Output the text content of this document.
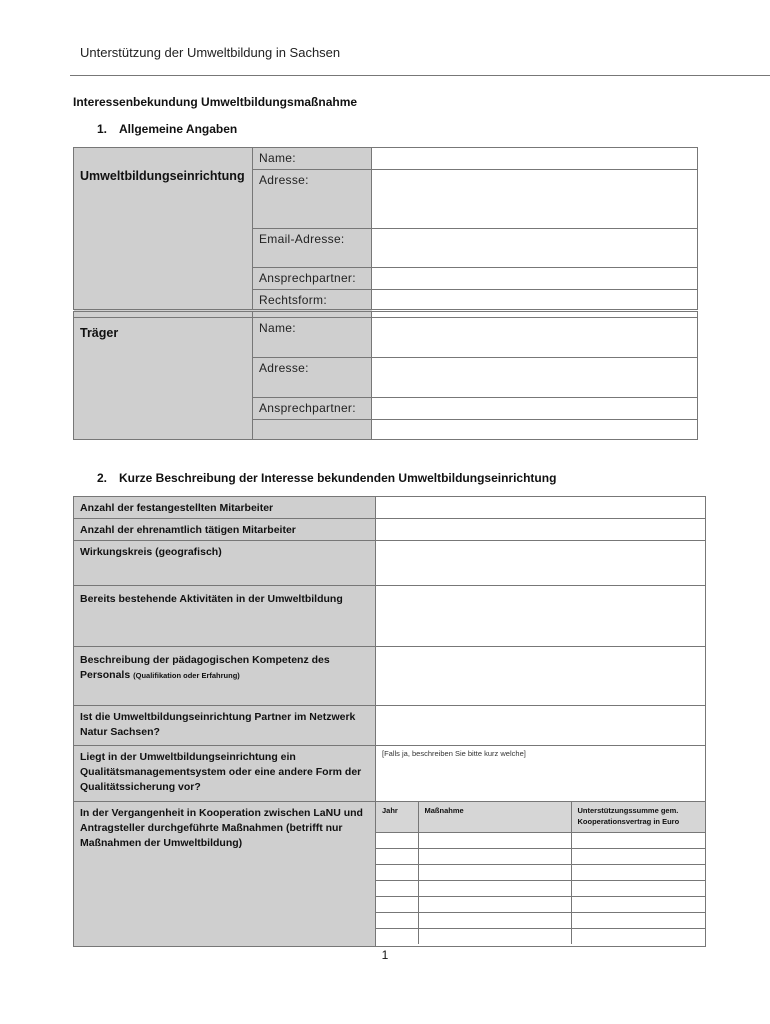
Unterstützung der Umweltbildung in Sachsen
Interessenbekundung Umweltbildungsmaßnahme
1. Allgemeine Angaben
Umweltbildungseinrichtung	Name:	
	Adresse:	
	Email-Adresse:	
	Ansprechpartner:	
	Rechtsform:	

Träger	Name:	
	Adresse:	
	Ansprechpartner:	

2. Kurze Beschreibung der Interesse bekundenden Umweltbildungseinrichtung
Anzahl der festangestellten Mitarbeiter	
Anzahl der ehrenamtlich tätigen Mitarbeiter	
Wirkungskreis (geografisch)	
Bereits bestehende Aktivitäten in der Umweltbildung	
Beschreibung der pädagogischen Kompetenz des Personals (Qualifikation oder Erfahrung)	
Ist die Umweltbildungseinrichtung Partner im Netzwerk Natur Sachsen?	
Liegt in der Umweltbildungseinrichtung ein Qualitätsmanagementsystem oder eine andere Form der Qualitätssicherung vor?	[Falls ja, beschreiben Sie bitte kurz welche]
In der Vergangenheit in Kooperation zwischen LaNU und Antragsteller durchgeführte Maßnahmen (betrifft nur Maßnahmen der Umweltbildung)	
Jahr	Maßnahme	Unterstützungssumme gem. Kooperationsvertrag in Euro

1
